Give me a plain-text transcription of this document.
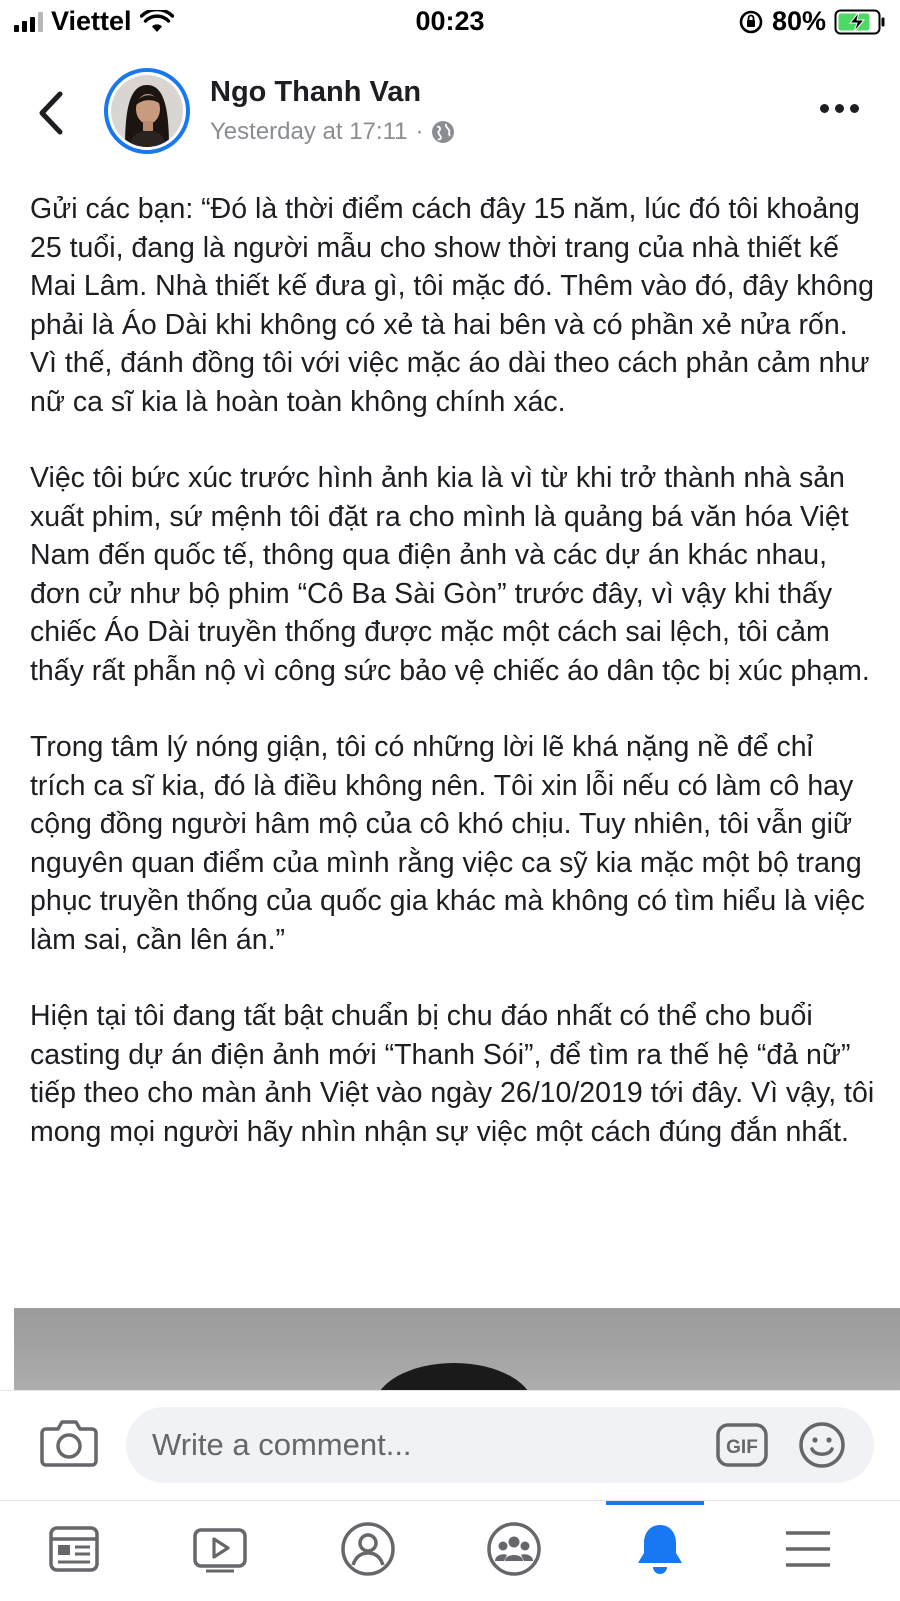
Viettel	00:23	80%
Ngo Thanh Van
Yesterday at 17:11 ·

Gửi các bạn: “Đó là thời điểm cách đây 15 năm, lúc đó tôi khoảng 25 tuổi, đang là người mẫu cho show thời trang của nhà thiết kế Mai Lâm. Nhà thiết kế đưa gì, tôi mặc đó. Thêm vào đó, đây không phải là Áo Dài khi không có xẻ tà hai bên và có phần xẻ nửa rốn. Vì thế, đánh đồng tôi với việc mặc áo dài theo cách phản cảm như nữ ca sĩ kia là hoàn toàn không chính xác.

Việc tôi bức xúc trước hình ảnh kia là vì từ khi trở thành nhà sản xuất phim, sứ mệnh tôi đặt ra cho mình là quảng bá văn hóa Việt Nam đến quốc tế, thông qua điện ảnh và các dự án khác nhau, đơn cử như bộ phim “Cô Ba Sài Gòn” trước đây, vì vậy khi thấy chiếc Áo Dài truyền thống được mặc một cách sai lệch, tôi cảm thấy rất phẫn nộ vì công sức bảo vệ chiếc áo dân tộc bị xúc phạm.

Trong tâm lý nóng giận, tôi có những lời lẽ khá nặng nề để chỉ trích ca sĩ kia, đó là điều không nên. Tôi xin lỗi nếu có làm cô hay cộng đồng người hâm mộ của cô khó chịu. Tuy nhiên, tôi vẫn giữ nguyên quan điểm của mình rằng việc ca sỹ kia mặc một bộ trang phục truyền thống của quốc gia khác mà không có tìm hiểu là việc làm sai, cần lên án.”

Hiện tại tôi đang tất bật chuẩn bị chu đáo nhất có thể cho buổi casting dự án điện ảnh mới “Thanh Sói”, để tìm ra thế hệ “đả nữ” tiếp theo cho màn ảnh Việt vào ngày 26/10/2019 tới đây. Vì vậy, tôi mong mọi người hãy nhìn nhận sự việc một cách đúng đắn nhất.

Write a comment...
GIF
